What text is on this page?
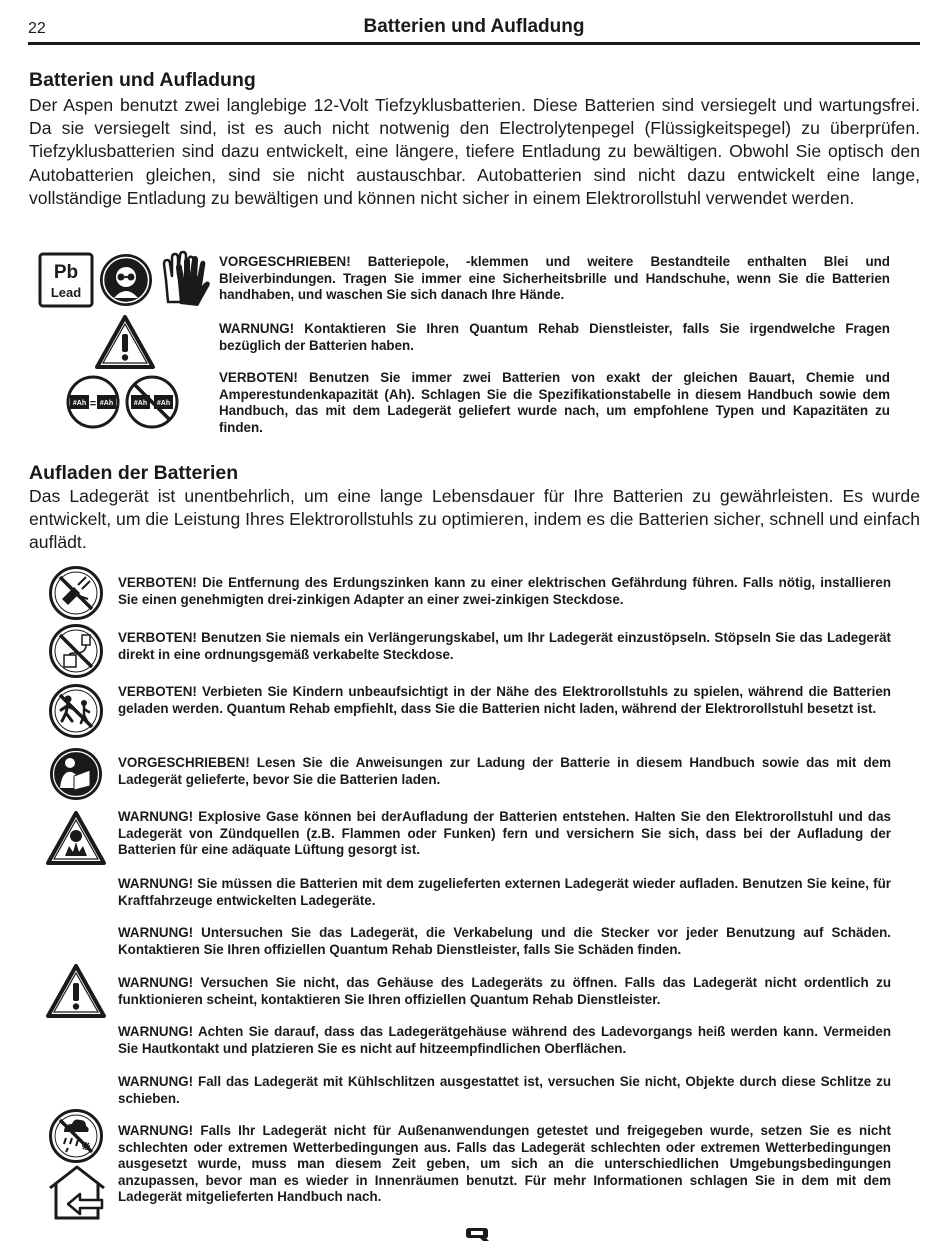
22	Batterien und Aufladung
Batterien und Aufladung
Der Aspen benutzt zwei langlebige 12-Volt Tiefzyklusbatterien. Diese Batterien sind versiegelt und wartungsfrei. Da sie versiegelt sind, ist es auch nicht notwenig den Electrolytenpegel (Flüssigkeitspegel) zu überprüfen. Tiefzyklusbatterien sind dazu entwickelt, eine längere, tiefere Entladung zu bewältigen. Obwohl Sie optisch den Autobatterien gleichen, sind sie nicht austauschbar. Autobatterien sind nicht dazu entwickelt eine lange, vollständige Entladung zu bewältigen und können nicht sicher in einem Elektrorollstuhl verwendet werden.
Pb
Lead
#Ah #Ah
=	#Ah #Ah
VORGESCHRIEBEN! Batteriepole, -klemmen und weitere Bestandteile enthalten Blei und Bleiverbindungen. Tragen Sie immer eine Sicherheitsbrille und Handschuhe, wenn Sie die Batterien handhaben, und waschen Sie sich danach Ihre Hände.
WARNUNG! Kontaktieren Sie Ihren Quantum Rehab Dienstleister, falls Sie irgendwelche Fragen bezüglich der Batterien haben.
VERBOTEN! Benutzen Sie immer zwei Batterien von exakt der gleichen Bauart, Chemie und Amperestundenkapazität (Ah). Schlagen Sie die Spezifikationstabelle in diesem Handbuch sowie dem Handbuch, das mit dem Ladegerät geliefert wurde nach, um empfohlene Typen und Kapazitäten zu finden.
Aufladen der Batterien
Das Ladegerät ist unentbehrlich, um eine lange Lebensdauer für Ihre Batterien zu gewährleisten. Es wurde entwickelt, um die Leistung Ihres Elektrorollstuhls zu optimieren, indem es die Batterien sicher, schnell und einfach auflädt.
VERBOTEN! Die Entfernung des Erdungszinken kann zu einer elektrischen Gefährdung führen. Falls nötig, installieren Sie einen genehmigten drei-zinkigen Adapter an einer zwei-zinkigen Steckdose.
VERBOTEN! Benutzen Sie niemals ein Verlängerungskabel, um Ihr Ladegerät einzustöpseln. Stöpseln Sie das Ladegerät direkt in eine ordnungsgemäß verkabelte Steckdose.
VERBOTEN! Verbieten Sie Kindern unbeaufsichtigt in der Nähe des Elektrorollstuhls zu spielen, während die Batterien geladen werden. Quantum Rehab empfiehlt, dass Sie die Batterien nicht laden, während der Elektrorollstuhl besetzt ist.
VORGESCHRIEBEN! Lesen Sie die Anweisungen zur Ladung der Batterie in diesem Handbuch sowie das mit dem Ladegerät gelieferte, bevor Sie die Batterien laden.
WARNUNG! Explosive Gase können bei derAufladung der Batterien entstehen. Halten Sie den Elektrorollstuhl und das Ladegerät von Zündquellen (z.B. Flammen oder Funken) fern und versichern Sie sich, dass bei der Aufladung der Batterien für eine adäquate Lüftung gesorgt ist.
WARNUNG! Sie müssen die Batterien mit dem zugelieferten externen Ladegerät wieder aufladen. Benutzen Sie keine, für Kraftfahrzeuge entwickelten Ladegeräte.
WARNUNG! Untersuchen Sie das Ladegerät, die Verkabelung und die Stecker vor jeder Benutzung auf Schäden. Kontaktieren Sie Ihren offiziellen Quantum Rehab Dienstleister, falls Sie Schäden finden.
WARNUNG! Versuchen Sie nicht, das Gehäuse des Ladegeräts zu öffnen. Falls das Ladegerät nicht ordentlich zu funktionieren scheint, kontaktieren Sie Ihren offiziellen Quantum Rehab Dienstleister.
WARNUNG! Achten Sie darauf, dass das Ladegerätgehäuse während des Ladevorgangs heiß werden kann. Vermeiden Sie Hautkontakt und platzieren Sie es nicht auf hitzeempfindlichen Oberflächen.
WARNUNG! Fall das Ladegerät mit Kühlschlitzen ausgestattet ist, versuchen Sie nicht, Objekte durch diese Schlitze zu schieben.
WARNUNG! Falls Ihr Ladegerät nicht für Außenanwendungen getestet und freigegeben wurde, setzen Sie es nicht schlechten oder extremen Wetterbedingungen aus. Falls das Ladegerät schlechten oder extremen Wetterbedingungen ausgesetzt wurde, muss man diesem Zeit geben, um sich an die unterschiedlichen Umgebungsbedingungen anzupassen, bevor man es wieder in Innenräumen benutzt. Für mehr Informationen schlagen Sie in dem mit dem Ladegerät mitgelieferten Handbuch nach.
